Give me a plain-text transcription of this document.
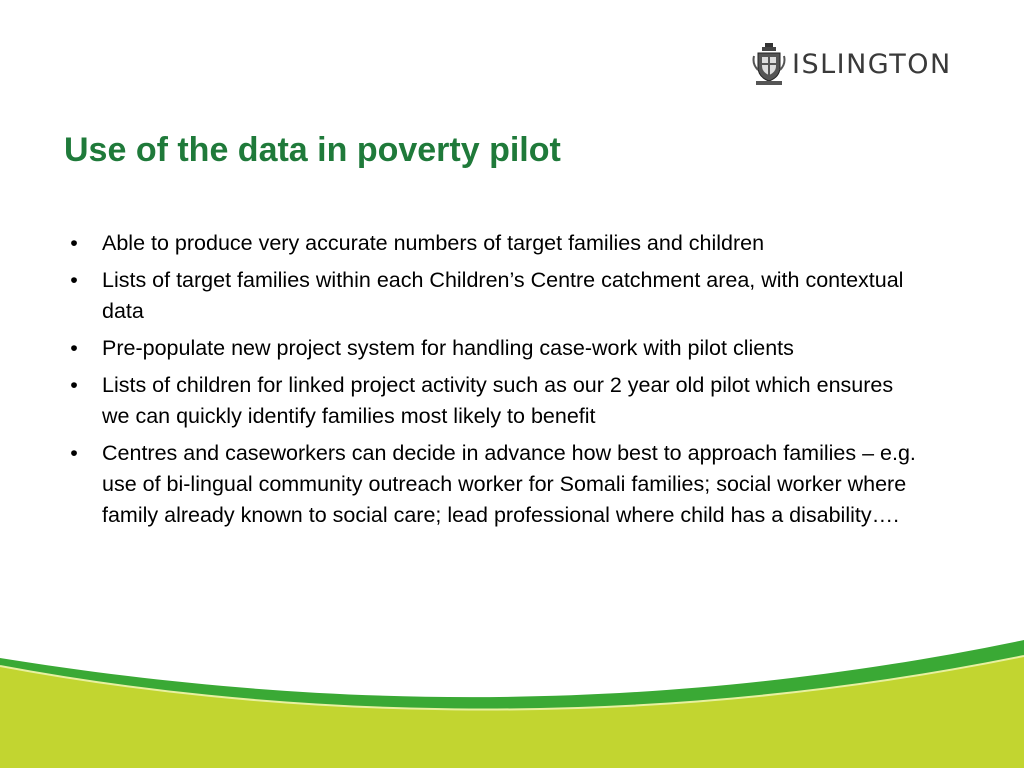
ISLINGTON
Use of the data in poverty pilot
• Able to produce very accurate numbers of target families and children
• Lists of target families within each Children’s Centre catchment area, with contextual data
• Pre-populate new project system for handling case-work with pilot clients
• Lists of children for linked project activity such as our 2 year old pilot which ensures we can quickly identify families most likely to benefit
• Centres and caseworkers can decide in advance how best to approach families – e.g. use of bi-lingual community outreach worker for Somali families; social worker where family already known to social care; lead professional where child has a disability….
